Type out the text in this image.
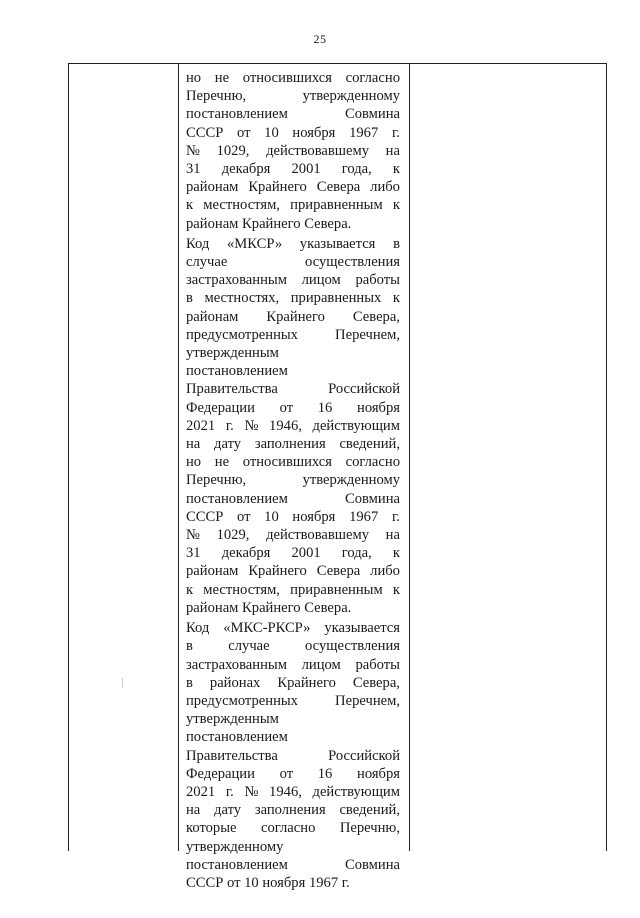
25
но не относившихся согласно
Перечню,	утвержденному
постановлением	Совмина
СССР от 10 ноября 1967 г.
№ 1029, действовавшему на
31 декабря 2001 года, к
районам Крайнего Севера либо
к местностям, приравненным к
районам Крайнего Севера.
Код «МКСР» указывается в
случае	осуществления
застрахованным лицом работы
в местностях, приравненных к
районам Крайнего Севера,
предусмотренных	Перечнем,
утвержденным
постановлением
Правительства	Российской
Федерации от 16 ноября
2021 г. № 1946, действующим
на дату заполнения сведений,
но не относившихся согласно
Перечню,	утвержденному
постановлением	Совмина
СССР от 10 ноября 1967 г.
№ 1029, действовавшему на
31 декабря 2001 года, к
районам Крайнего Севера либо
к местностям, приравненным к
районам Крайнего Севера.
Код «МКС-РКСР» указывается
в случае осуществления
застрахованным лицом работы
в районах Крайнего Севера,
предусмотренных	Перечнем,
утвержденным
постановлением
Правительства	Российской
Федерации от 16 ноября
2021 г. № 1946, действующим
на дату заполнения сведений,
которые согласно Перечню,
утвержденному
постановлением	Совмина
СССР от 10 ноября 1967 г.
